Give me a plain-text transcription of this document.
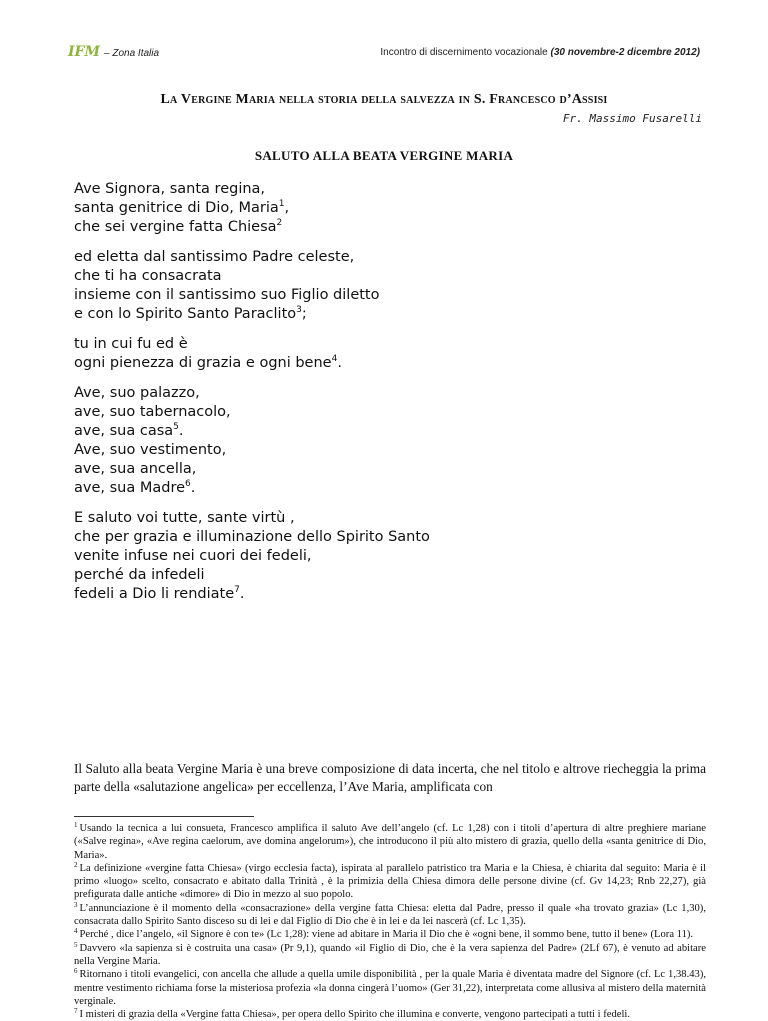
IFM – Zona Italia	Incontro di discernimento vocazionale (30 novembre-2 dicembre 2012)
La Vergine Maria nella storia della salvezza in S. Francesco d’Assisi
Fr. Massimo Fusarelli
SALUTO ALLA BEATA VERGINE MARIA
Ave Signora, santa regina,
santa genitrice di Dio, Maria$^1$,
che sei vergine fatta Chiesa$^2$
ed eletta dal santissimo Padre celeste,
che ti ha consacrata
insieme con il santissimo suo Figlio diletto
e con lo Spirito Santo Paraclito$^3$;
tu in cui fu ed è
ogni pienezza di grazia e ogni bene$^4$.
Ave, suo palazzo,
ave, suo tabernacolo,
ave, sua casa$^5$.
Ave, suo vestimento,
ave, sua ancella,
ave, sua Madre$^6$.
E saluto voi tutte, sante virtù ,
che per grazia e illuminazione dello Spirito Santo
venite infuse nei cuori dei fedeli,
perché da infedeli
fedeli a Dio li rendiate$^7$.
Il Saluto alla beata Vergine Maria è una breve composizione di data incerta, che nel titolo e altrove riecheggia la prima parte della «salutazione angelica» per eccellenza, l’Ave Maria, amplificata con

$^1$ Usando la tecnica a lui consueta, Francesco amplifica il saluto Ave dell’angelo (cf. Lc 1,28) con i titoli d’apertura di altre preghiere mariane («Salve regina», «Ave regina caelorum, ave domina angelorum»), che introducono il più alto mistero di grazia, quello della «santa genitrice di Dio, Maria».

$^2$ La definizione «vergine fatta Chiesa» (virgo ecclesia facta), ispirata al parallelo patristico tra Maria e la Chiesa, è chiarita dal seguito: Maria è il primo «luogo» scelto, consacrato e abitato dalla Trinità , è la primizia della Chiesa dimora delle persone divine (cf. Gv 14,23; Rnb 22,27), già prefigurata dalle antiche «dimore» di Dio in mezzo al suo popolo.

$^3$ L’annunciazione è il momento della «consacrazione» della vergine fatta Chiesa: eletta dal Padre, presso il quale «ha trovato grazia» (Lc 1,30), consacrata dallo Spirito Santo disceso su di lei e dal Figlio di Dio che è in lei e da lei nascerà (cf. Lc 1,35).

$^4$ Perché , dice l’angelo, «il Signore è con te» (Lc 1,28): viene ad abitare in Maria il Dio che è «ogni bene, il sommo bene, tutto il bene» (Lora 11).

$^5$ Davvero «la sapienza si è costruita una casa» (Pr 9,1), quando «il Figlio di Dio, che è la vera sapienza del Padre» (2Lf 67), è venuto ad abitare nella Vergine Maria.

$^6$ Ritornano i titoli evangelici, con ancella che allude a quella umile disponibilità , per la quale Maria è diventata madre del Signore (cf. Lc 1,38.43), mentre vestimento richiama forse la misteriosa profezia «la donna cingerà l’uomo» (Ger 31,22), interpretata come allusiva al mistero della maternità verginale.

$^7$ I misteri di grazia della «Vergine fatta Chiesa», per opera dello Spirito che illumina e converte, vengono partecipati a tutti i fedeli.
